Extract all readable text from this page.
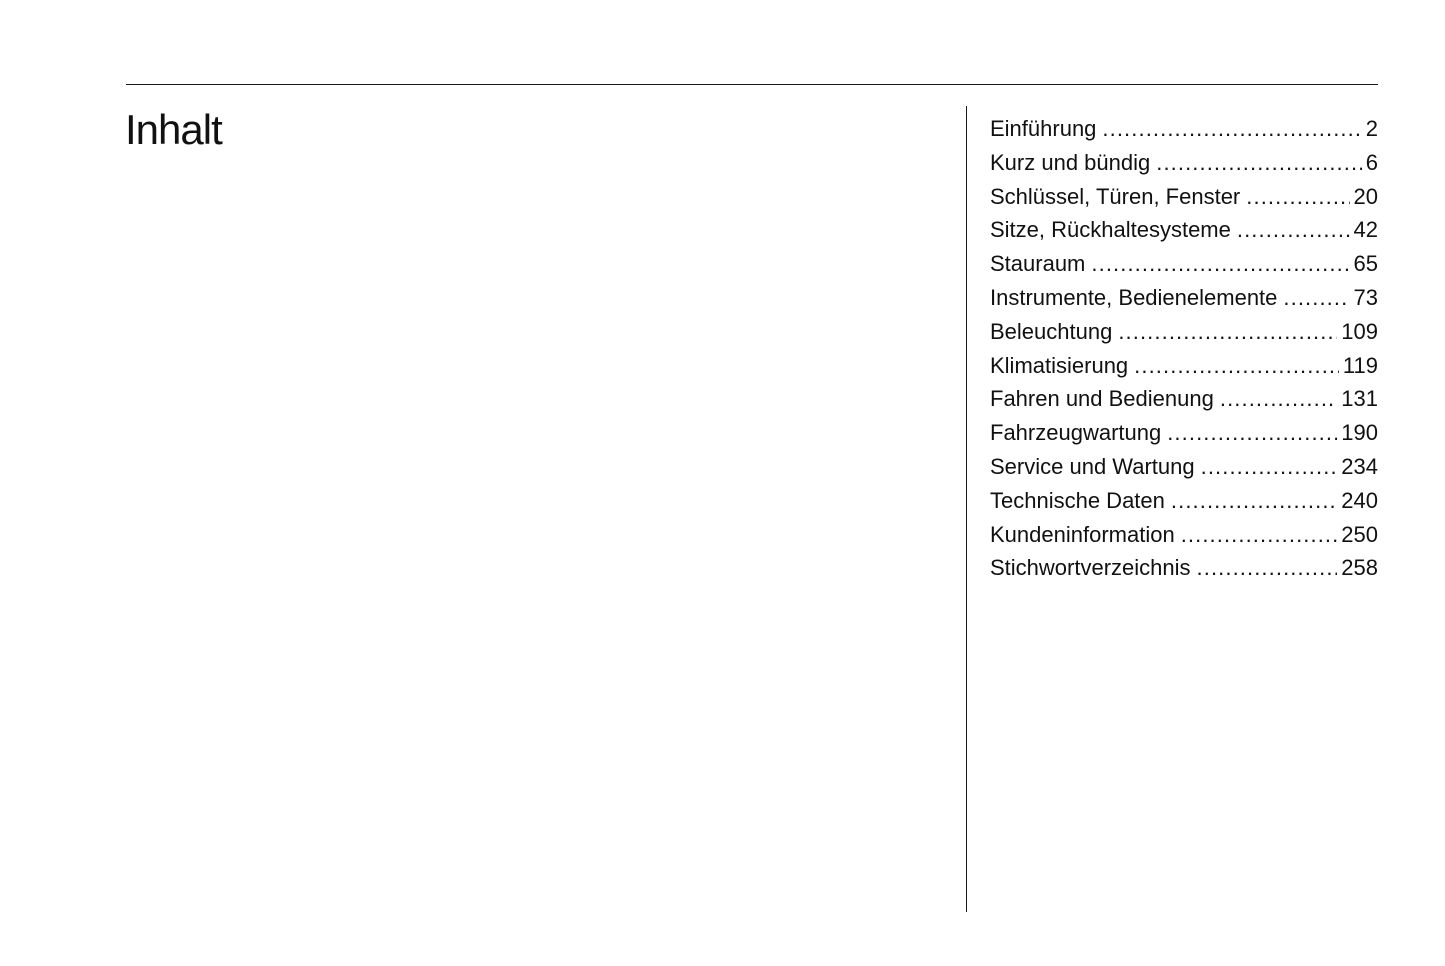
Inhalt	Einführung .....	2
Kurz und bündig .....	6
Schlüssel, Türen, Fenster .....	20
Sitze, Rückhaltesysteme .....	42
Stauraum .....	65
Instrumente, Bedienelemente .....	73
Beleuchtung .....	109
Klimatisierung .....	119
Fahren und Bedienung .....	131
Fahrzeugwartung .....	190
Service und Wartung .....	234
Technische Daten .....	240
Kundeninformation .....	250
Stichwortverzeichnis .....	258
